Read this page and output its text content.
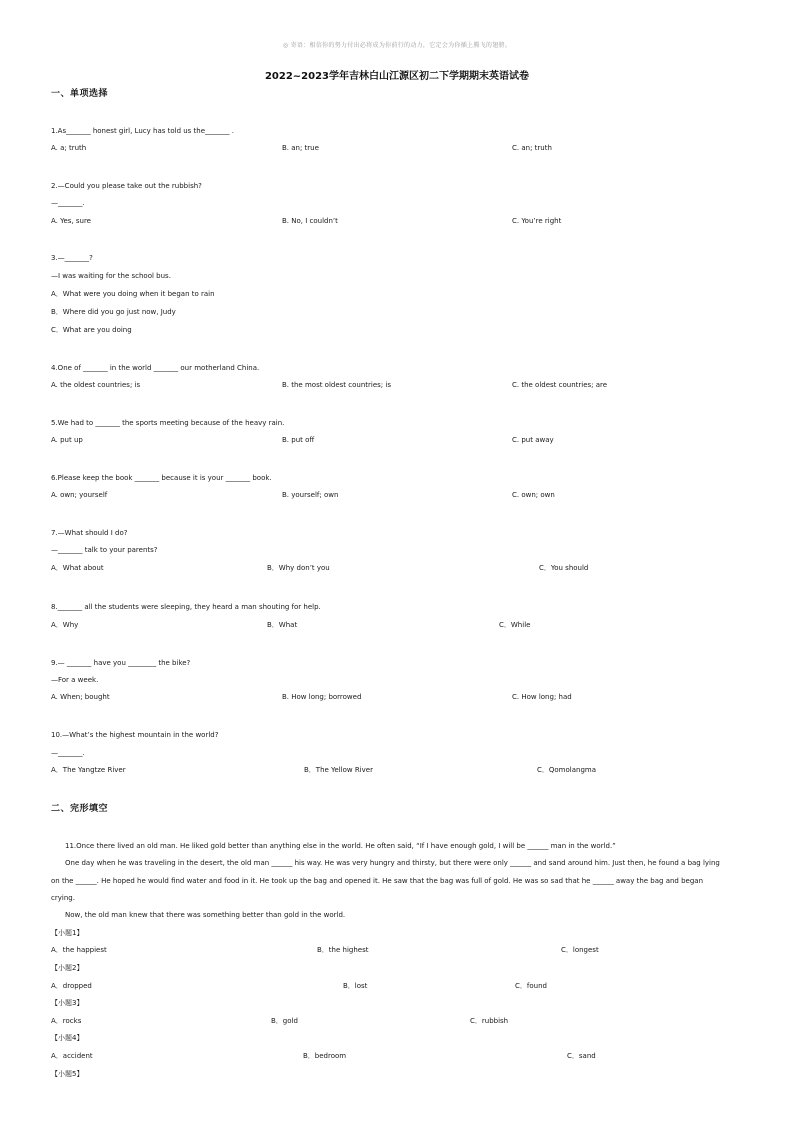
◎ 寄语：相信你的努力付出必将成为你前行的动力，它定会为你插上腾飞的翅膀。
2022~2023学年吉林白山江源区初二下学期期末英语试卷
一、单项选择
1.As_______ honest girl, Lucy has told us the_______ .
A. a; truth	B. an; true	C. an; truth
2.—Could you please take out the rubbish?
—_______.
A. Yes, sure	B. No, I couldn’t	C. You’re right
3.—_______?
—I was waiting for the school bus.
A．What were you doing when it began to rain
B．Where did you go just now, Judy
C．What are you doing
4.One of _______ in the world _______ our motherland China.
A. the oldest countries; is	B. the most oldest countries; is	C. the oldest countries; are
5.We had to _______ the sports meeting because of the heavy rain.
A. put up	B. put off	C. put away
6.Please keep the book _______ because it is your _______ book.
A. own; yourself	B. yourself; own	C. own; own
7.—What should I do?
—_______ talk to your parents?
A．What about	B．Why don’t you	C．You should
8._______ all the students were sleeping, they heard a man shouting for help.
A．Why	B．What	C．While
9.— _______ have you ________ the bike?
—For a week.
A. When; bought	B. How long; borrowed	C. How long; had
10.—What’s the highest mountain in the world?
—_______.
A．The Yangtze River	B．The Yellow River	C．Qomolangma
二、完形填空
11.Once there lived an old man. He liked gold better than anything else in the world. He often said, “If I have enough gold, I will be ______ man in the world.”
One day when he was traveling in the desert, the old man ______ his way. He was very hungry and thirsty, but there were only ______ and sand around him. Just then, he found a bag lying
on the ______. He hoped he would find water and food in it. He took up the bag and opened it. He saw that the bag was full of gold. He was so sad that he ______ away the bag and began
crying.
Now, the old man knew that there was something better than gold in the world.
【小题1】
A．the happiest	B．the highest	C．longest
【小题2】
A．dropped	B．lost	C．found
【小题3】
A．rocks	B．gold	C．rubbish
【小题4】
A．accident	B．bedroom	C．sand
【小题5】
